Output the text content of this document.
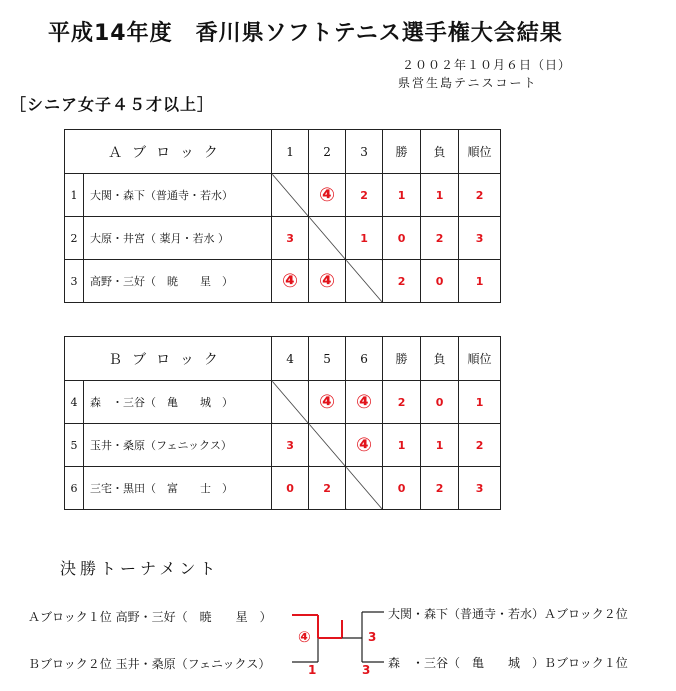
平成14年度　香川県ソフトテニス選手権大会結果
２００２年１０月６日（日）
県営生島テニスコート
［シニア女子４５才以上］
Ａブロック		1	2	3	勝	負	順位
1	大関・森下（普通寺・若水）		④	2	1	1	2
2	大原・井宮（ 薬月・若水 ）	3		1	0	2	3
3	高野・三好（　暁　　星　）	④	④		2	0	1
Ｂブロック		4	5	6	勝	負	順位
4	森　・三谷（　亀　　城　）		④	④	2	0	1
5	玉井・桑原（フェニックス）	3		④	1	1	2
6	三宅・黒田（　富　　士　）	0	2		0	2	3
決勝トーナメント
Ａブロック１位 高野・三好（　暁　　星　）
Ｂブロック２位 玉井・桑原（フェニックス）
大関・森下（普通寺・若水）Ａブロック２位
森　・三谷（　亀　　城　）Ｂブロック１位
④
1
3
3
